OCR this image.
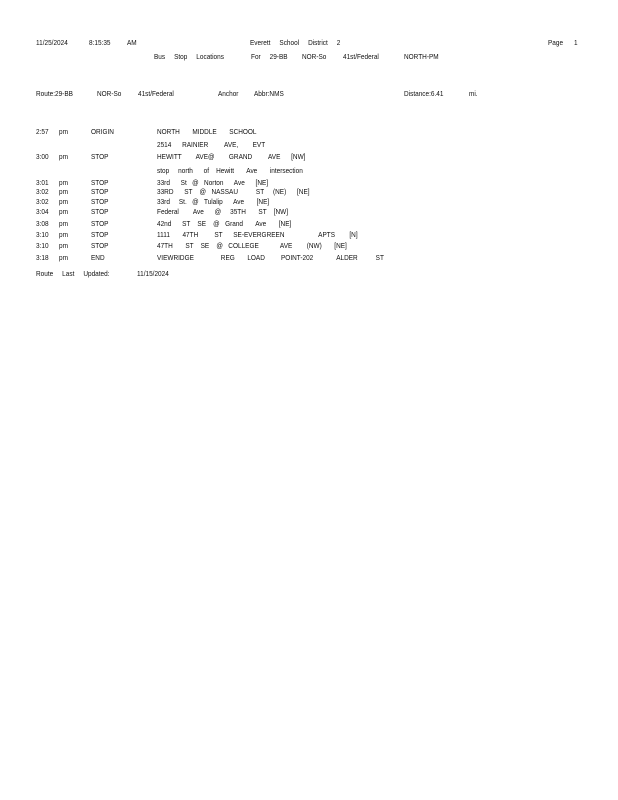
11/25/2024	8:15:35 AM	Everett     School     District     2	Page 1
Bus     Stop     Locations	For     29-BB NOR-So 41st/Federal	NORTH-PM
Route:29-BB	NOR-So 41st/Federal	Anchor Abbr:NMS	Distance:6.41	mi.
2:57 pm	ORIGIN	NORTH       MIDDLE       SCHOOL
2514      RAINIER         AVE,        EVT
3:00 pm	STOP	HEWITT        AVE@        GRAND         AVE      [NW]
stop     north      of    Hewitt       Ave       intersection
3:01 pm	STOP	33rd      St   @   Norton      Ave      [NE]
3:02 pm	STOP	33RD      ST    @   NASSAU          ST     (NE)      [NE]
3:02 pm	STOP	33rd     St.   @   Tulalip      Ave       [NE]
3:04 pm	STOP	Federal        Ave      @     35TH       ST    [NW]
3:08 pm	STOP	42nd      ST    SE    @   Grand       Ave       [NE]
3:10 pm	STOP	1111       47TH         ST      SE-EVERGREEN                   APTS        [N]
3:10 pm	STOP	47TH       ST    SE    @   COLLEGE            AVE        (NW)       [NE]
3:18 pm	END	VIEWRIDGE               REG       LOAD         POINT-202             ALDER          ST
Route     Last     Updated:	11/15/2024
